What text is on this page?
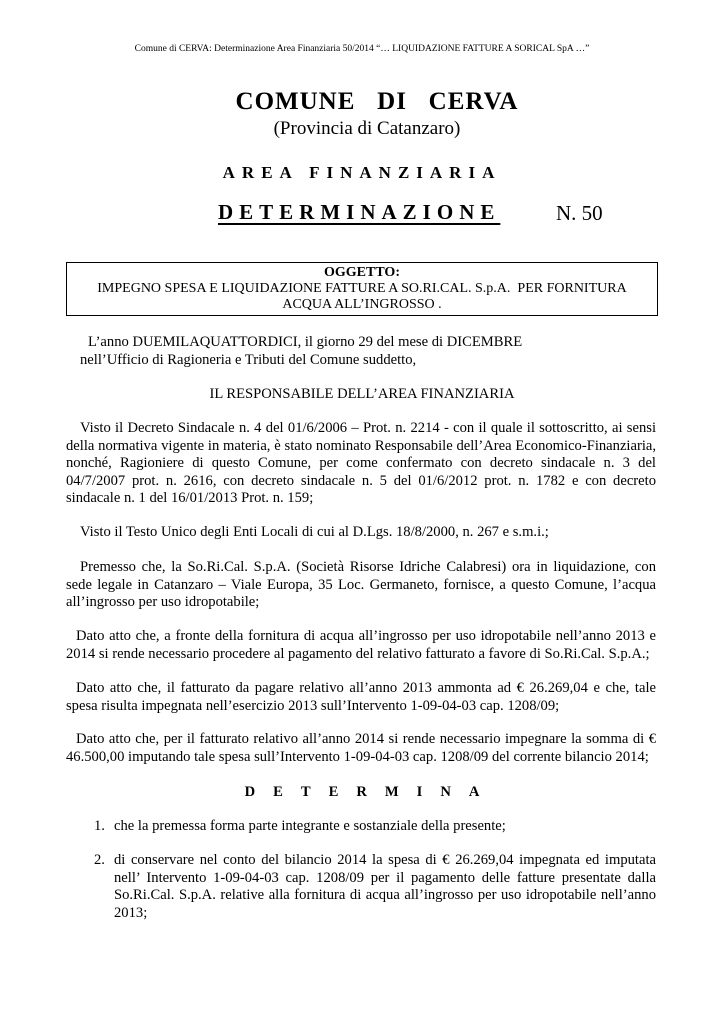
Comune di CERVA: Determinazione Area Finanziaria 50/2014 “… LIQUIDAZIONE FATTURE A SORICAL SpA …”
COMUNE   DI   CERVA
(Provincia di Catanzaro)
AREA FINANZIARIA
DETERMINAZIONE	N. 50
OGGETTO:
IMPEGNO SPESA E LIQUIDAZIONE FATTURE A SO.RI.CAL. S.p.A.  PER FORNITURA
ACQUA ALL’INGROSSO .
L’anno DUEMILAQUATTORDICI, il giorno 29 del mese di DICEMBRE
nell’Ufficio di Ragioneria e Tributi del Comune suddetto,
IL RESPONSABILE DELL’AREA FINANZIARIA
Visto il Decreto Sindacale n. 4 del 01/6/2006 – Prot. n. 2214 - con il quale il sottoscritto, ai sensi della normativa vigente in materia, è stato nominato Responsabile dell’Area Economico-Finanziaria, nonché, Ragioniere di questo Comune, per come confermato con decreto sindacale n. 3 del 04/7/2007 prot. n. 2616, con decreto sindacale n. 5 del 01/6/2012 prot. n. 1782 e con decreto sindacale n. 1 del 16/01/2013 Prot. n. 159;
Visto il Testo Unico degli Enti Locali di cui al D.Lgs. 18/8/2000, n. 267 e s.m.i.;
Premesso che, la So.Ri.Cal. S.p.A. (Società Risorse Idriche Calabresi) ora in liquidazione, con sede legale in Catanzaro – Viale Europa, 35 Loc. Germaneto, fornisce, a questo Comune, l’acqua all’ingrosso per uso idropotabile;
Dato atto che, a fronte della fornitura di acqua all’ingrosso per uso idropotabile nell’anno 2013 e 2014 si rende necessario procedere al pagamento del relativo fatturato a favore di So.Ri.Cal. S.p.A.;
Dato atto che, il fatturato da pagare relativo all’anno 2013 ammonta ad € 26.269,04 e che, tale spesa risulta impegnata nell’esercizio 2013 sull’Intervento 1-09-04-03 cap. 1208/09;
Dato atto che, per il fatturato relativo all’anno 2014 si rende necessario impegnare la somma di € 46.500,00 imputando tale spesa sull’Intervento 1-09-04-03 cap. 1208/09 del corrente bilancio 2014;
DETERMINA
1. che la premessa forma parte integrante e sostanziale della presente;
2. di conservare nel conto del bilancio 2014 la spesa di € 26.269,04 impegnata ed imputata nell’ Intervento 1-09-04-03 cap. 1208/09 per il pagamento delle fatture presentate dalla So.Ri.Cal. S.p.A. relative alla fornitura di acqua all’ingrosso per uso idropotabile nell’anno 2013;
